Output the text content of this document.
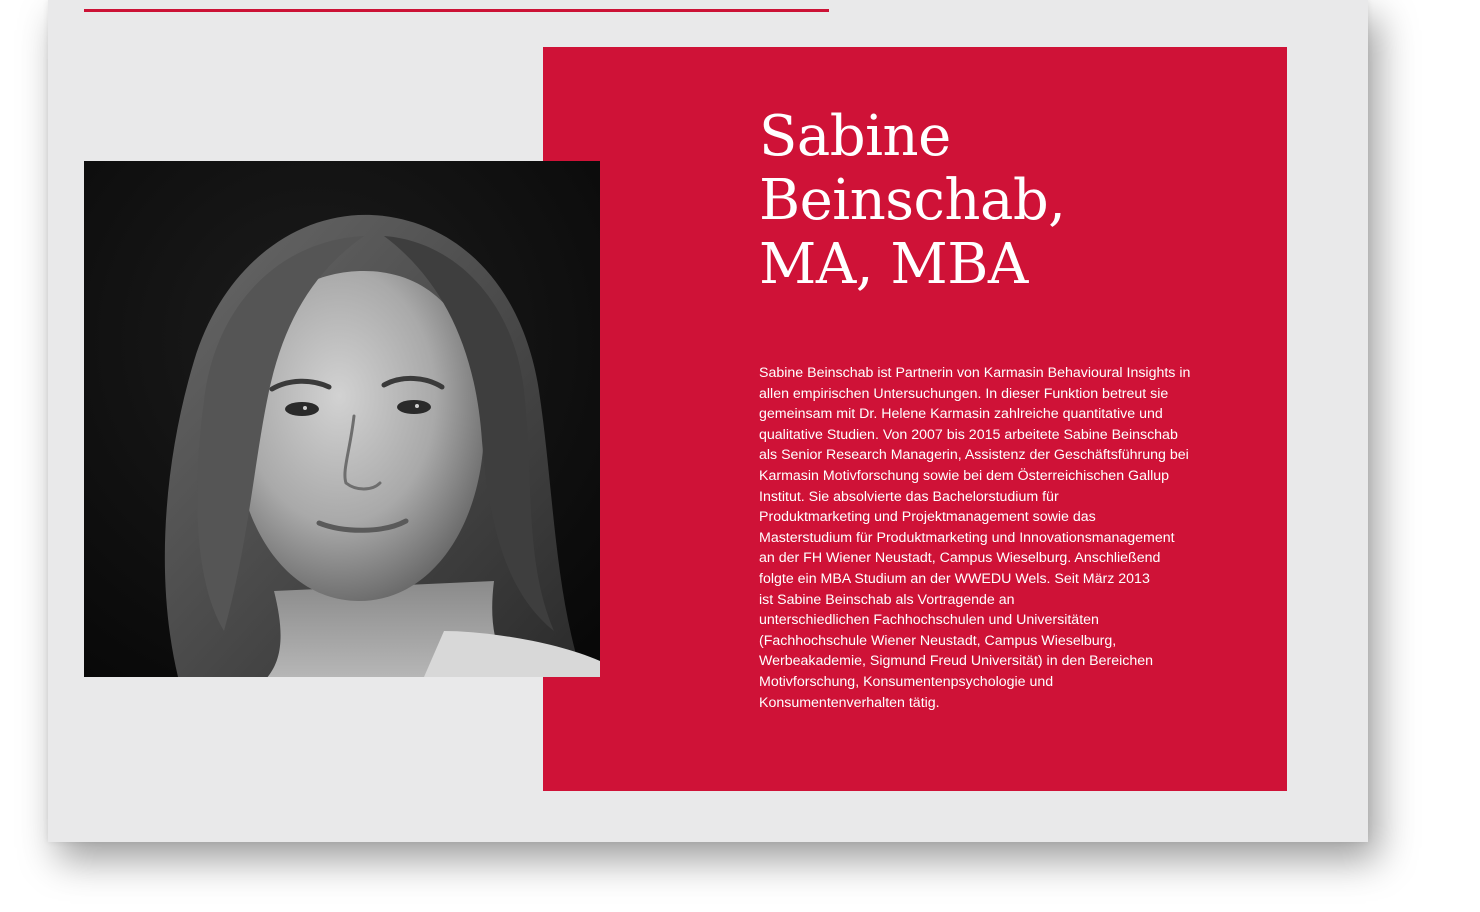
Sabine
Beinschab,
MA, MBA

Sabine Beinschab ist Partnerin von Karmasin Behavioural Insights in
allen empirischen Untersuchungen. In dieser Funktion betreut sie
gemeinsam mit Dr. Helene Karmasin zahlreiche quantitative und
qualitative Studien. Von 2007 bis 2015 arbeitete Sabine Beinschab
als Senior Research Managerin, Assistenz der Geschäftsführung bei
Karmasin Motivforschung sowie bei dem Österreichischen Gallup
Institut. Sie absolvierte das Bachelorstudium für
Produktmarketing und Projektmanagement sowie das
Masterstudium für Produktmarketing und Innovationsmanagement
an der FH Wiener Neustadt, Campus Wieselburg. Anschließend
folgte ein MBA Studium an der WWEDU Wels. Seit März 2013
ist Sabine Beinschab als Vortragende an
unterschiedlichen Fachhochschulen und Universitäten
(Fachhochschule Wiener Neustadt, Campus Wieselburg,
Werbeakademie, Sigmund Freud Universität) in den Bereichen
Motivforschung, Konsumentenpsychologie und
Konsumentenverhalten tätig.
